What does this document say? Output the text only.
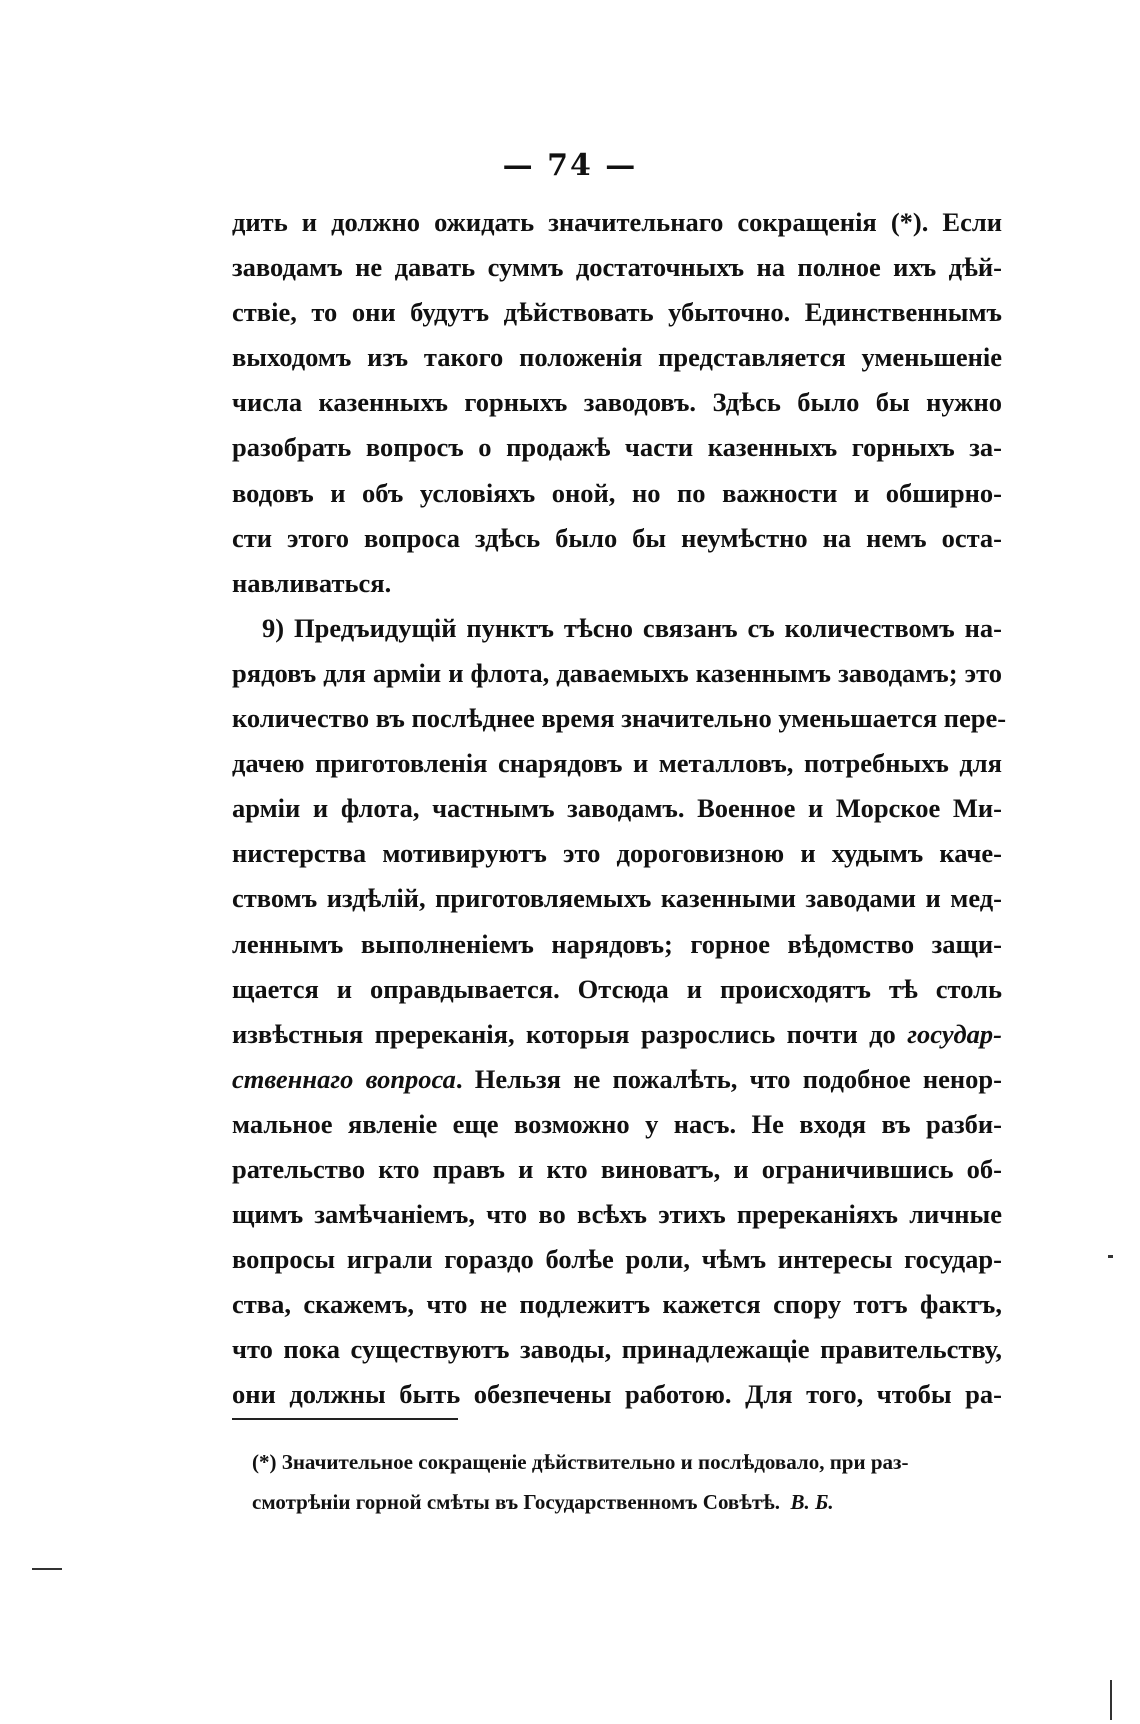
— 74 —

дить и должно ожидать значительнаго сокращенія (*). Если
заводамъ не давать суммъ достаточныхъ на полное ихъ дѣй-
ствіе, то они будутъ дѣйствовать убыточно. Единственнымъ
выходомъ изъ такого положенія представляется уменьшеніе
числа казенныхъ горныхъ заводовъ. Здѣсь было бы нужно
разобрать вопросъ о продажѣ части казенныхъ горныхъ за-
водовъ и объ условіяхъ оной, но по важности и обширно-
сти этого вопроса здѣсь было бы неумѣстно на немъ оста-
навливаться.

9) Предъидущій пунктъ тѣсно связанъ съ количествомъ на-
рядовъ для арміи и флота, даваемыхъ казеннымъ заводамъ; это
количество въ послѣднее время значительно уменьшается пере-
дачею приготовленія снарядовъ и металловъ, потребныхъ для
арміи и флота, частнымъ заводамъ. Военное и Морское Ми-
нистерства мотивируютъ это дороговизною и худымъ каче-
ствомъ издѣлій, приготовляемыхъ казенными заводами и мед-
леннымъ выполненіемъ нарядовъ; горное вѣдомство защи-
щается и оправдывается. Отсюда и происходятъ тѣ столь
извѣстныя пререканія, которыя разрослись почти до государ-
ственнаго вопроса. Нельзя не пожалѣть, что подобное ненор-
мальное явленіе еще возможно у насъ. Не входя въ разби-
рательство кто правъ и кто виноватъ, и ограничившись об-
щимъ замѣчаніемъ, что во всѣхъ этихъ пререканіяхъ личные
вопросы играли гораздо болѣе роли, чѣмъ интересы государ-
ства, скажемъ, что не подлежитъ кажется спору тотъ фактъ,
что пока существуютъ заводы, принадлежащіе правительству,
они должны быть обезпечены работою. Для того, чтобы ра-

(*) Значительное сокращеніе дѣйствительно и послѣдовало, при раз-
смотрѣніи горной смѣты въ Государственномъ Совѣтѣ. В. Б.
